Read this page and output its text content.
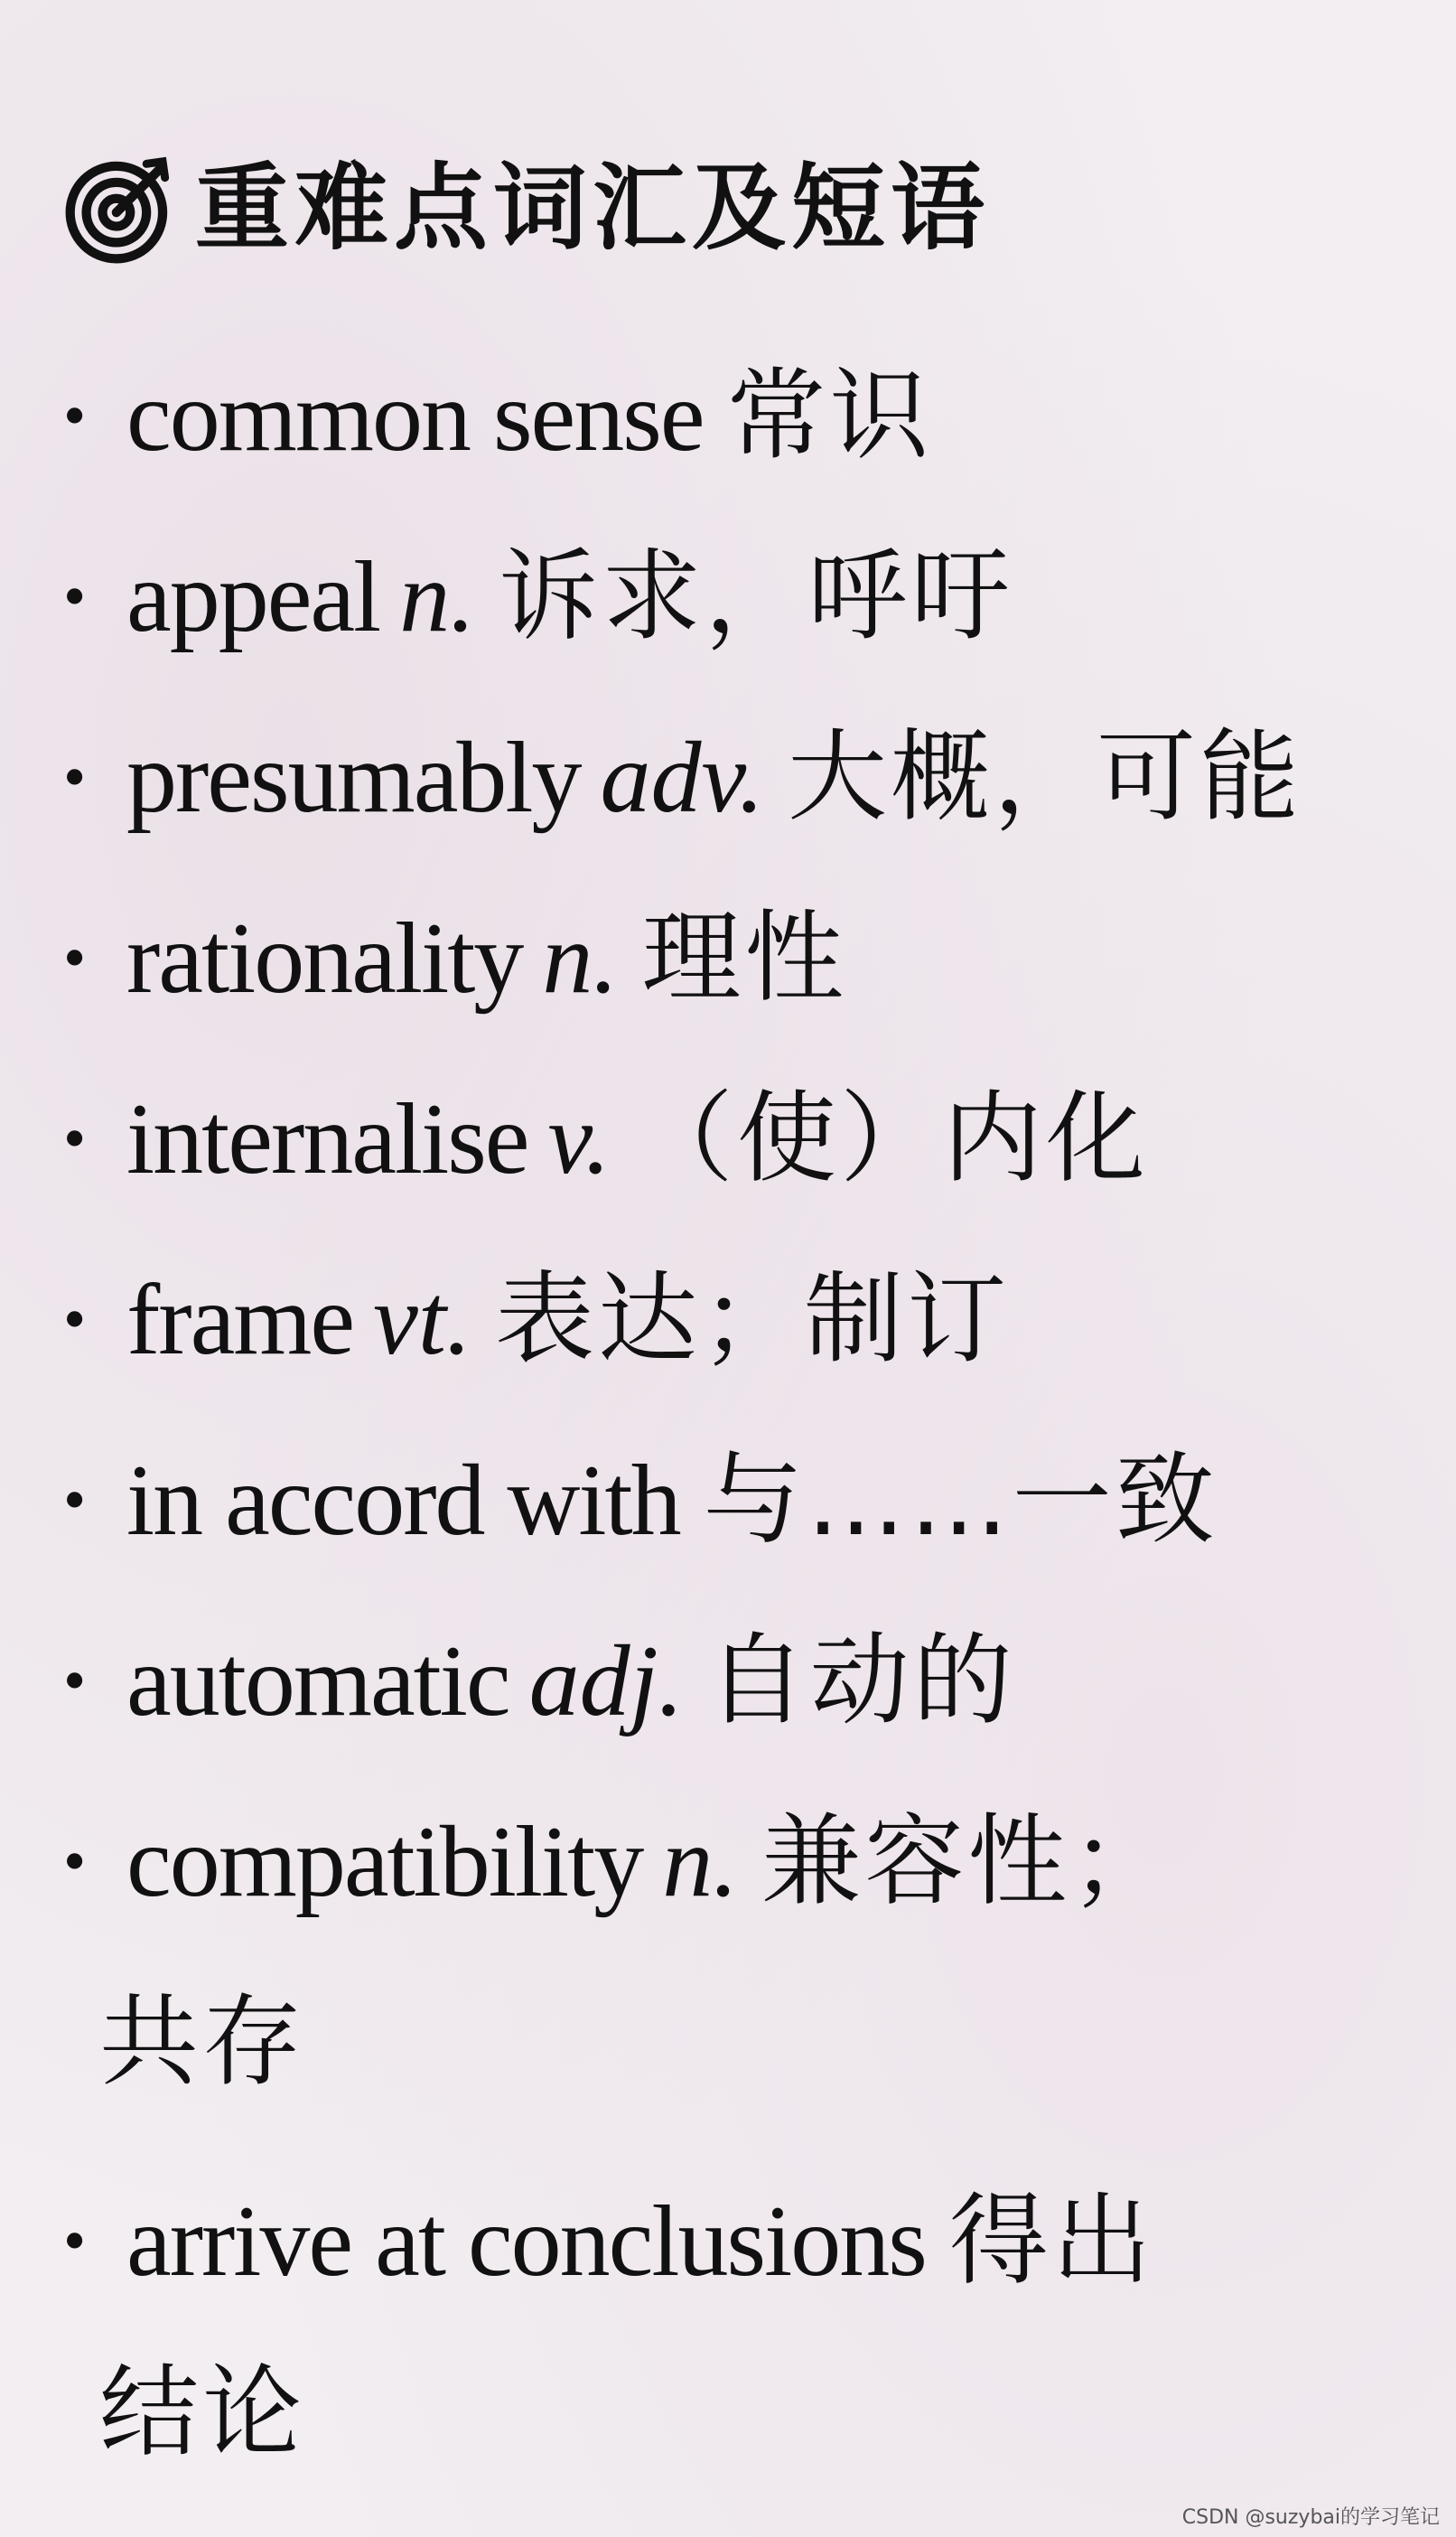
重难点词汇及短语
• common sense 常识
• appeal n. 诉求，呼吁
• presumably adv. 大概，可能
• rationality n. 理性
• internalise v. （使）内化
• frame vt. 表达；制订
• in accord with 与……一致
• automatic adj. 自动的
• compatibility n. 兼容性；
共存
• arrive at conclusions 得出
结论
CSDN @suzybai的学习笔记
